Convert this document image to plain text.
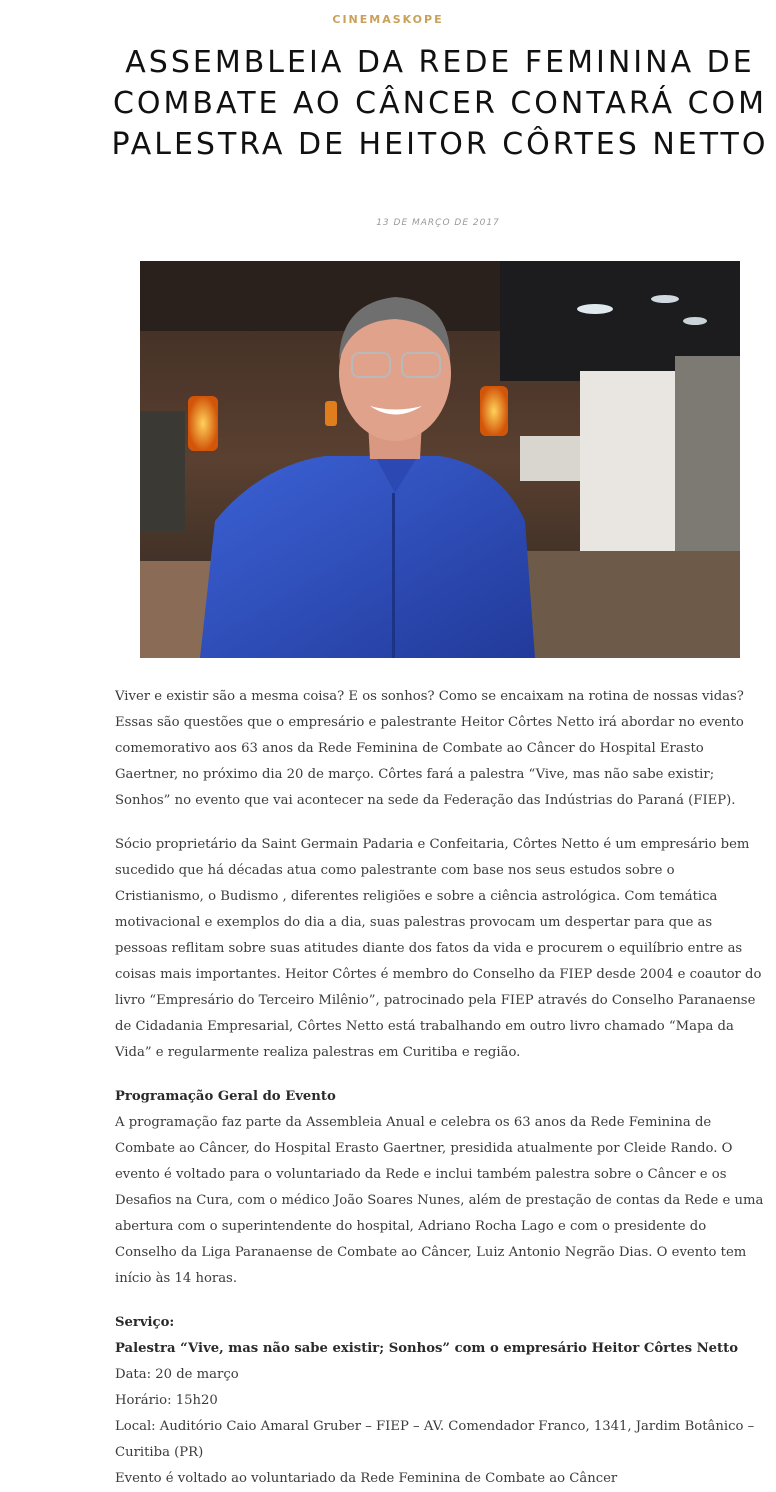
CINEMASKOPE
ASSEMBLEIA DA REDE FEMININA DE COMBATE AO CÂNCER CONTARÁ COM PALESTRA DE HEITOR CÔRTES NETTO
13 DE MARÇO DE 2017

Viver e existir são a mesma coisa? E os sonhos? Como se encaixam na rotina de nossas vidas? Essas são questões que o empresário e palestrante Heitor Côrtes Netto irá abordar no evento comemorativo aos 63 anos da Rede Feminina de Combate ao Câncer do Hospital Erasto Gaertner, no próximo dia 20 de março. Côrtes fará a palestra “Vive, mas não sabe existir; Sonhos” no evento que vai acontecer na sede da Federação das Indústrias do Paraná (FIEP).

Sócio proprietário da Saint Germain Padaria e Confeitaria, Côrtes Netto é um empresário bem sucedido que há décadas atua como palestrante com base nos seus estudos sobre o Cristianismo, o Budismo , diferentes religiões e sobre a ciência astrológica. Com temática motivacional e exemplos do dia a dia, suas palestras provocam um despertar para que as pessoas reflitam sobre suas atitudes diante dos fatos da vida e procurem o equilíbrio entre as coisas mais importantes. Heitor Côrtes é membro do Conselho da FIEP desde 2004 e coautor do livro “Empresário do Terceiro Milênio”, patrocinado pela FIEP através do Conselho Paranaense de Cidadania Empresarial, Côrtes Netto está trabalhando em outro livro chamado “Mapa da Vida” e regularmente realiza palestras em Curitiba e região.

Programação Geral do Evento
A programação faz parte da Assembleia Anual e celebra os 63 anos da Rede Feminina de Combate ao Câncer, do Hospital Erasto Gaertner, presidida atualmente por Cleide Rando. O evento é voltado para o voluntariado da Rede e inclui também palestra sobre o Câncer e os Desafios na Cura, com o médico João Soares Nunes, além de prestação de contas da Rede e uma abertura com o superintendente do hospital, Adriano Rocha Lago e com o presidente do Conselho da Liga Paranaense de Combate ao Câncer, Luiz Antonio Negrão Dias. O evento tem início às 14 horas.
Serviço:
Palestra “Vive, mas não sabe existir; Sonhos” com o empresário Heitor Côrtes Netto
Data: 20 de março
Horário: 15h20
Local: Auditório Caio Amaral Gruber – FIEP – AV. Comendador Franco, 1341, Jardim Botânico – Curitiba (PR)
Evento é voltado ao voluntariado da Rede Feminina de Combate ao Câncer
